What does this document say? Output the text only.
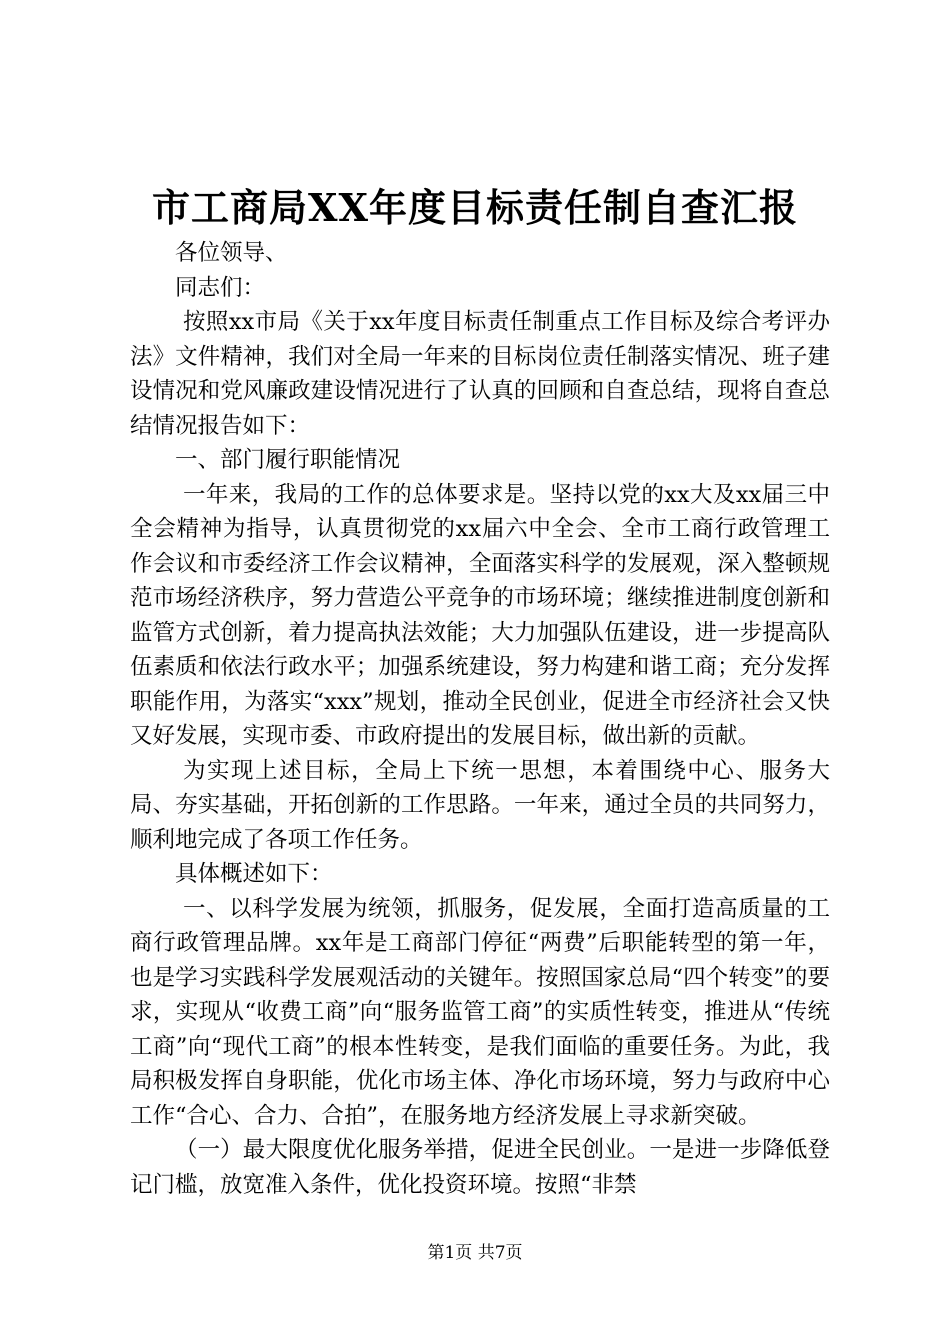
市工商局XX年度目标责任制自查汇报

各位领导、

同志们：

按照xx市局《关于xx年度目标责任制重点工作目标及综合考评办法》文件精神，我们对全局一年来的目标岗位责任制落实情况、班子建设情况和党风廉政建设情况进行了认真的回顾和自查总结，现将自查总结情况报告如下：

一、部门履行职能情况

一年来，我局的工作的总体要求是。坚持以党的xx大及xx届三中全会精神为指导，认真贯彻党的xx届六中全会、全市工商行政管理工作会议和市委经济工作会议精神，全面落实科学的发展观，深入整顿规范市场经济秩序，努力营造公平竞争的市场环境；继续推进制度创新和监管方式创新，着力提高执法效能；大力加强队伍建设，进一步提高队伍素质和依法行政水平；加强系统建设，努力构建和谐工商；充分发挥职能作用，为落实“xxx”规划，推动全民创业，促进全市经济社会又快又好发展，实现市委、市政府提出的发展目标，做出新的贡献。

为实现上述目标，全局上下统一思想，本着围绕中心、服务大局、夯实基础，开拓创新的工作思路。一年来，通过全员的共同努力，顺利地完成了各项工作任务。

具体概述如下：

一、以科学发展为统领，抓服务，促发展，全面打造高质量的工商行政管理品牌。xx年是工商部门停征“两费”后职能转型的第一年，也是学习实践科学发展观活动的关键年。按照国家总局“四个转变”的要求，实现从“收费工商”向“服务监管工商”的实质性转变，推进从“传统工商”向“现代工商”的根本性转变，是我们面临的重要任务。为此，我局积极发挥自身职能，优化市场主体、净化市场环境，努力与政府中心工作“合心、合力、合拍”，在服务地方经济发展上寻求新突破。

（一）最大限度优化服务举措，促进全民创业。一是进一步降低登记门槛，放宽准入条件，优化投资环境。按照“非禁

第1页 共7页
